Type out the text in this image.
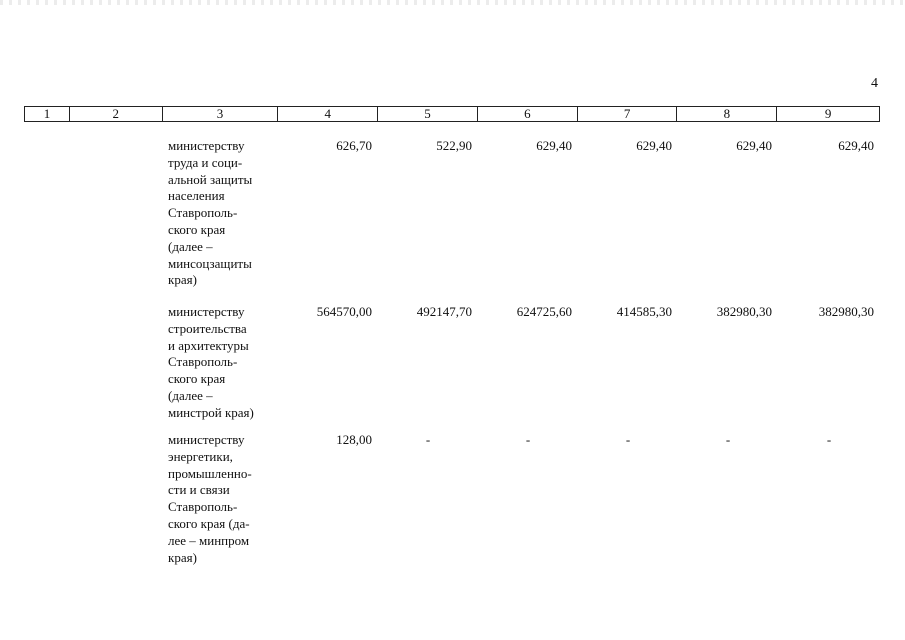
4
1	2	3	4	5	6	7	8	9
министерству
труда и соци-
альной защиты
населения
Ставрополь-
ского края
(далее –
минсоцзащиты
края)
626,70	522,90	629,40	629,40	629,40	629,40
министерству
строительства
и архитектуры
Ставрополь-
ского края
(далее –
минстрой края)
564570,00	492147,70	624725,60	414585,30	382980,30	382980,30
министерству
энергетики,
промышленно-
сти и связи
Ставрополь-
ского края (да-
лее – минпром
края)
128,00	-	-	-	-	-
